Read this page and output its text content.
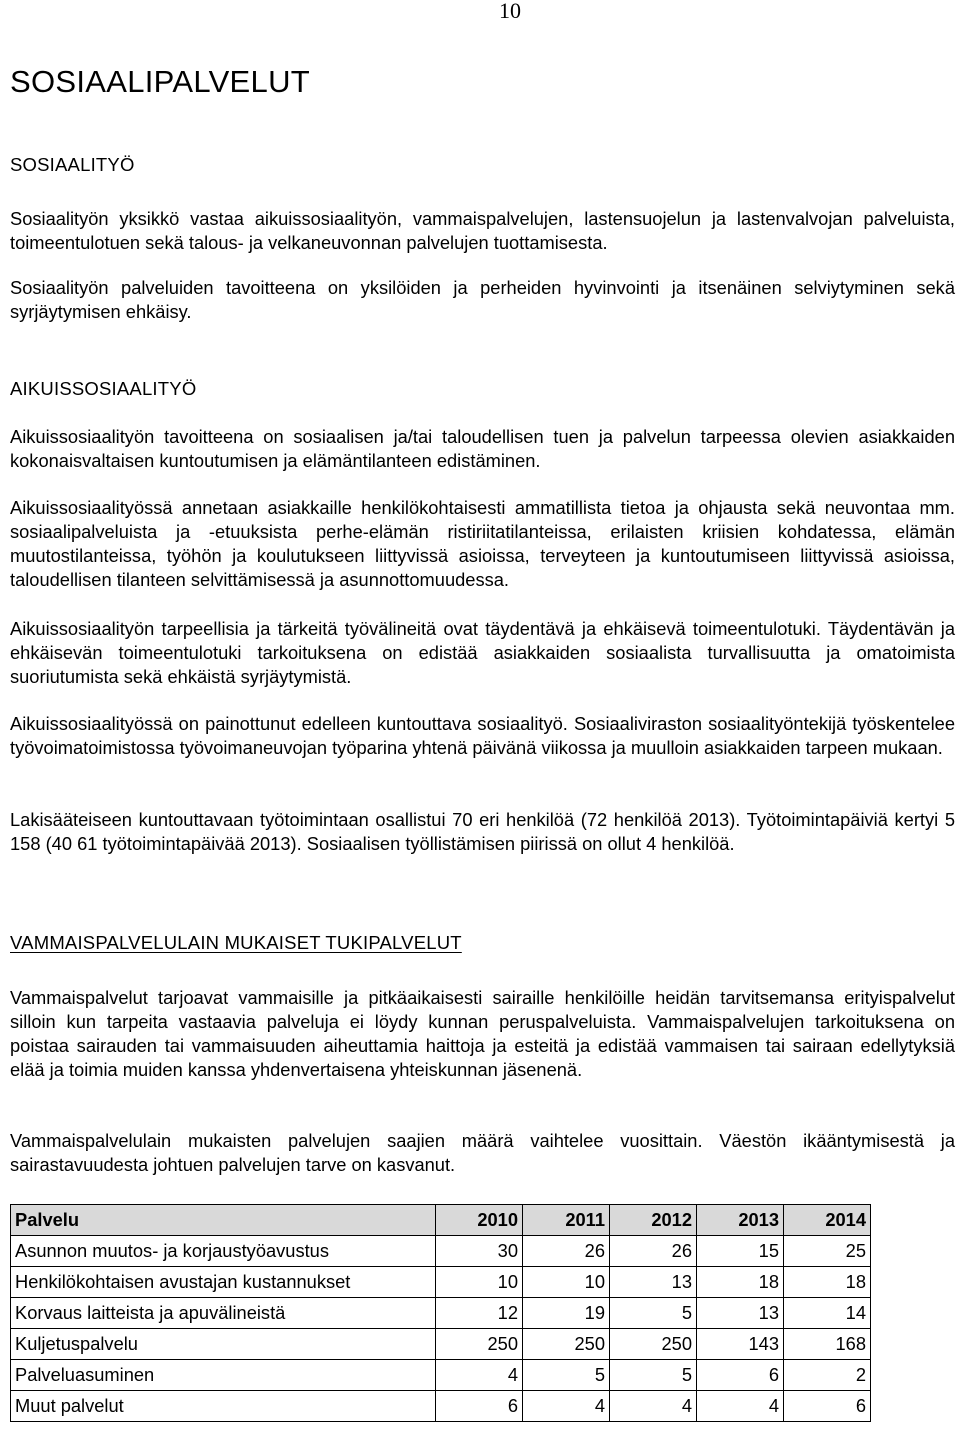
10
SOSIAALIPALVELUT
SOSIAALITYÖ

Sosiaalityön yksikkö vastaa aikuissosiaalityön, vammaispalvelujen, lastensuojelun ja lastenvalvojan palveluista, toimeentulotuen sekä talous- ja velkaneuvonnan palvelujen tuottamisesta.

Sosiaalityön palveluiden tavoitteena on yksilöiden ja perheiden hyvinvointi ja itsenäinen selviytyminen sekä syrjäytymisen ehkäisy.

AIKUISSOSIAALITYÖ

Aikuissosiaalityön tavoitteena on sosiaalisen ja/tai taloudellisen tuen ja palvelun tarpeessa olevien asiakkaiden kokonaisvaltaisen kuntoutumisen ja elämäntilanteen edistäminen.

Aikuissosiaalityössä annetaan asiakkaille henkilökohtaisesti ammatillista tietoa ja ohjausta sekä neuvontaa mm. sosiaalipalveluista ja -etuuksista perhe-elämän ristiriitatilanteissa, erilaisten kriisien kohdatessa, elämän muutostilanteissa, työhön ja koulutukseen liittyvissä asioissa, terveyteen ja kuntoutumiseen liittyvissä asioissa, taloudellisen tilanteen selvittämisessä ja asunnottomuudessa.

Aikuissosiaalityön tarpeellisia ja tärkeitä työvälineitä ovat täydentävä ja ehkäisevä toimeentulotuki. Täydentävän ja ehkäisevän toimeentulotuki tarkoituksena on edistää asiakkaiden sosiaalista turvallisuutta ja omatoimista suoriutumista sekä ehkäistä syrjäytymistä.

Aikuissosiaalityössä on painottunut edelleen kuntouttava sosiaalityö. Sosiaaliviraston sosiaalityöntekijä työskentelee työvoimatoimistossa työvoimaneuvojan työparina yhtenä päivänä viikossa ja muulloin asiakkaiden tarpeen mukaan.

Lakisääteiseen kuntouttavaan työtoimintaan osallistui 70 eri henkilöä (72 henkilöä 2013). Työtoimintapäiviä kertyi 5 158 (40 61 työtoimintapäivää 2013). Sosiaalisen työllistämisen piirissä on ollut 4 henkilöä.

VAMMAISPALVELULAIN MUKAISET TUKIPALVELUT

Vammaispalvelut tarjoavat vammaisille ja pitkäaikaisesti sairaille henkilöille heidän tarvitsemansa erityispalvelut silloin kun tarpeita vastaavia palveluja ei löydy kunnan peruspalveluista. Vammaispalvelujen tarkoituksena on poistaa sairauden tai vammaisuuden aiheuttamia haittoja ja esteitä ja edistää vammaisen tai sairaan edellytyksiä elää ja toimia muiden kanssa yhdenvertaisena yhteiskunnan jäsenenä.

Vammaispalvelulain mukaisten palvelujen saajien määrä vaihtelee vuosittain. Väestön ikääntymisestä ja sairastavuudesta johtuen palvelujen tarve on kasvanut.

Palvelu	2010	2011	2012	2013	2014
Asunnon muutos- ja korjaustyöavustus	30	26	26	15	25
Henkilökohtaisen avustajan kustannukset	10	10	13	18	18
Korvaus laitteista ja apuvälineistä	12	19	5	13	14
Kuljetuspalvelu	250	250	250	143	168
Palveluasuminen	4	5	5	6	2
Muut palvelut	6	4	4	4	6
